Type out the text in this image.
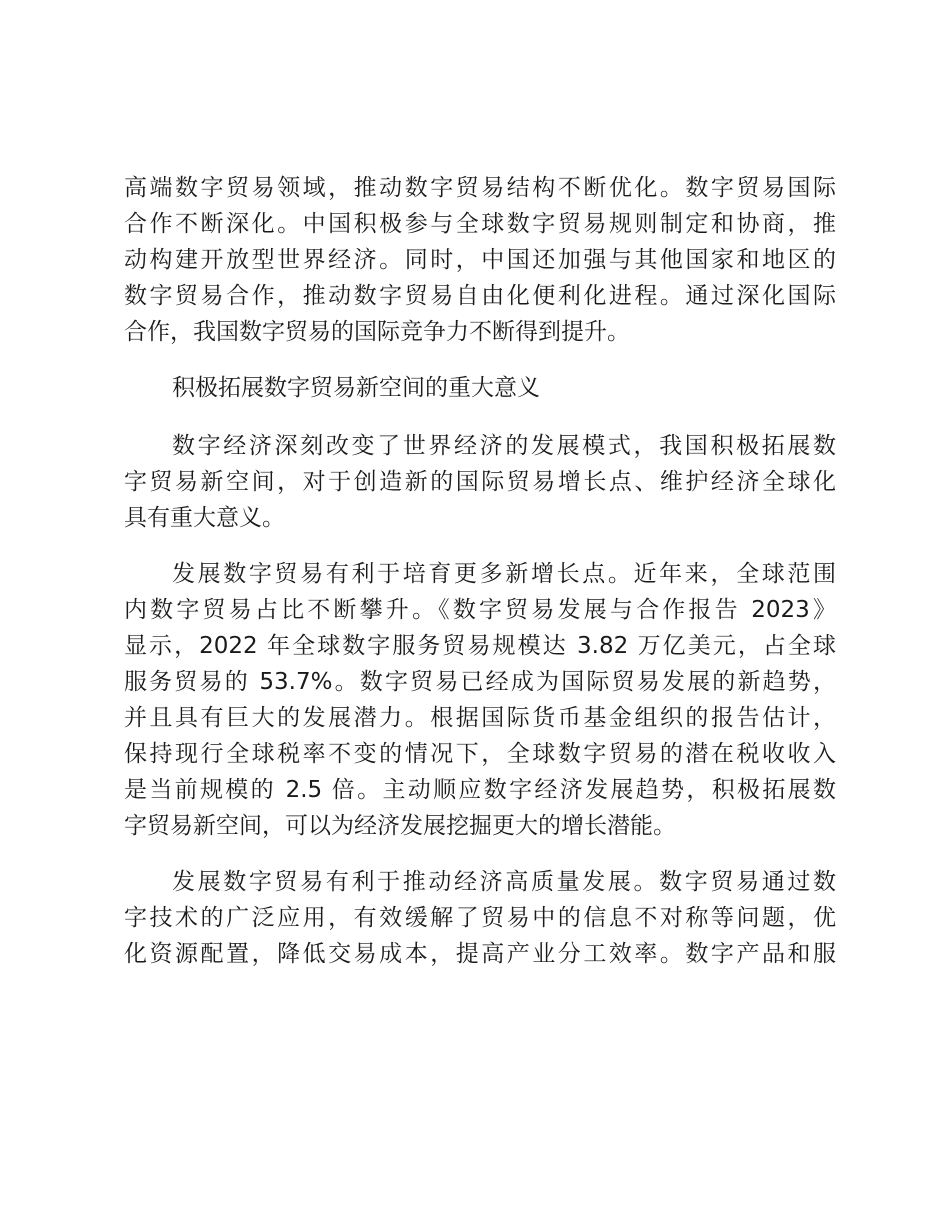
高端数字贸易领域，推动数字贸易结构不断优化。数字贸易国际
合作不断深化。中国积极参与全球数字贸易规则制定和协商，推
动构建开放型世界经济。同时，中国还加强与其他国家和地区的
数字贸易合作，推动数字贸易自由化便利化进程。通过深化国际
合作，我国数字贸易的国际竞争力不断得到提升。

积极拓展数字贸易新空间的重大意义

数字经济深刻改变了世界经济的发展模式，我国积极拓展数
字贸易新空间，对于创造新的国际贸易增长点、维护经济全球化
具有重大意义。

发展数字贸易有利于培育更多新增长点。近年来，全球范围
内数字贸易占比不断攀升。《数字贸易发展与合作报告 2023》
显示，2022 年全球数字服务贸易规模达 3.82 万亿美元，占全球
服务贸易的 53.7%。数字贸易已经成为国际贸易发展的新趋势，
并且具有巨大的发展潜力。根据国际货币基金组织的报告估计，
保持现行全球税率不变的情况下，全球数字贸易的潜在税收收入
是当前规模的 2.5 倍。主动顺应数字经济发展趋势，积极拓展数
字贸易新空间，可以为经济发展挖掘更大的增长潜能。

发展数字贸易有利于推动经济高质量发展。数字贸易通过数
字技术的广泛应用，有效缓解了贸易中的信息不对称等问题，优
化资源配置，降低交易成本，提高产业分工效率。数字产品和服
